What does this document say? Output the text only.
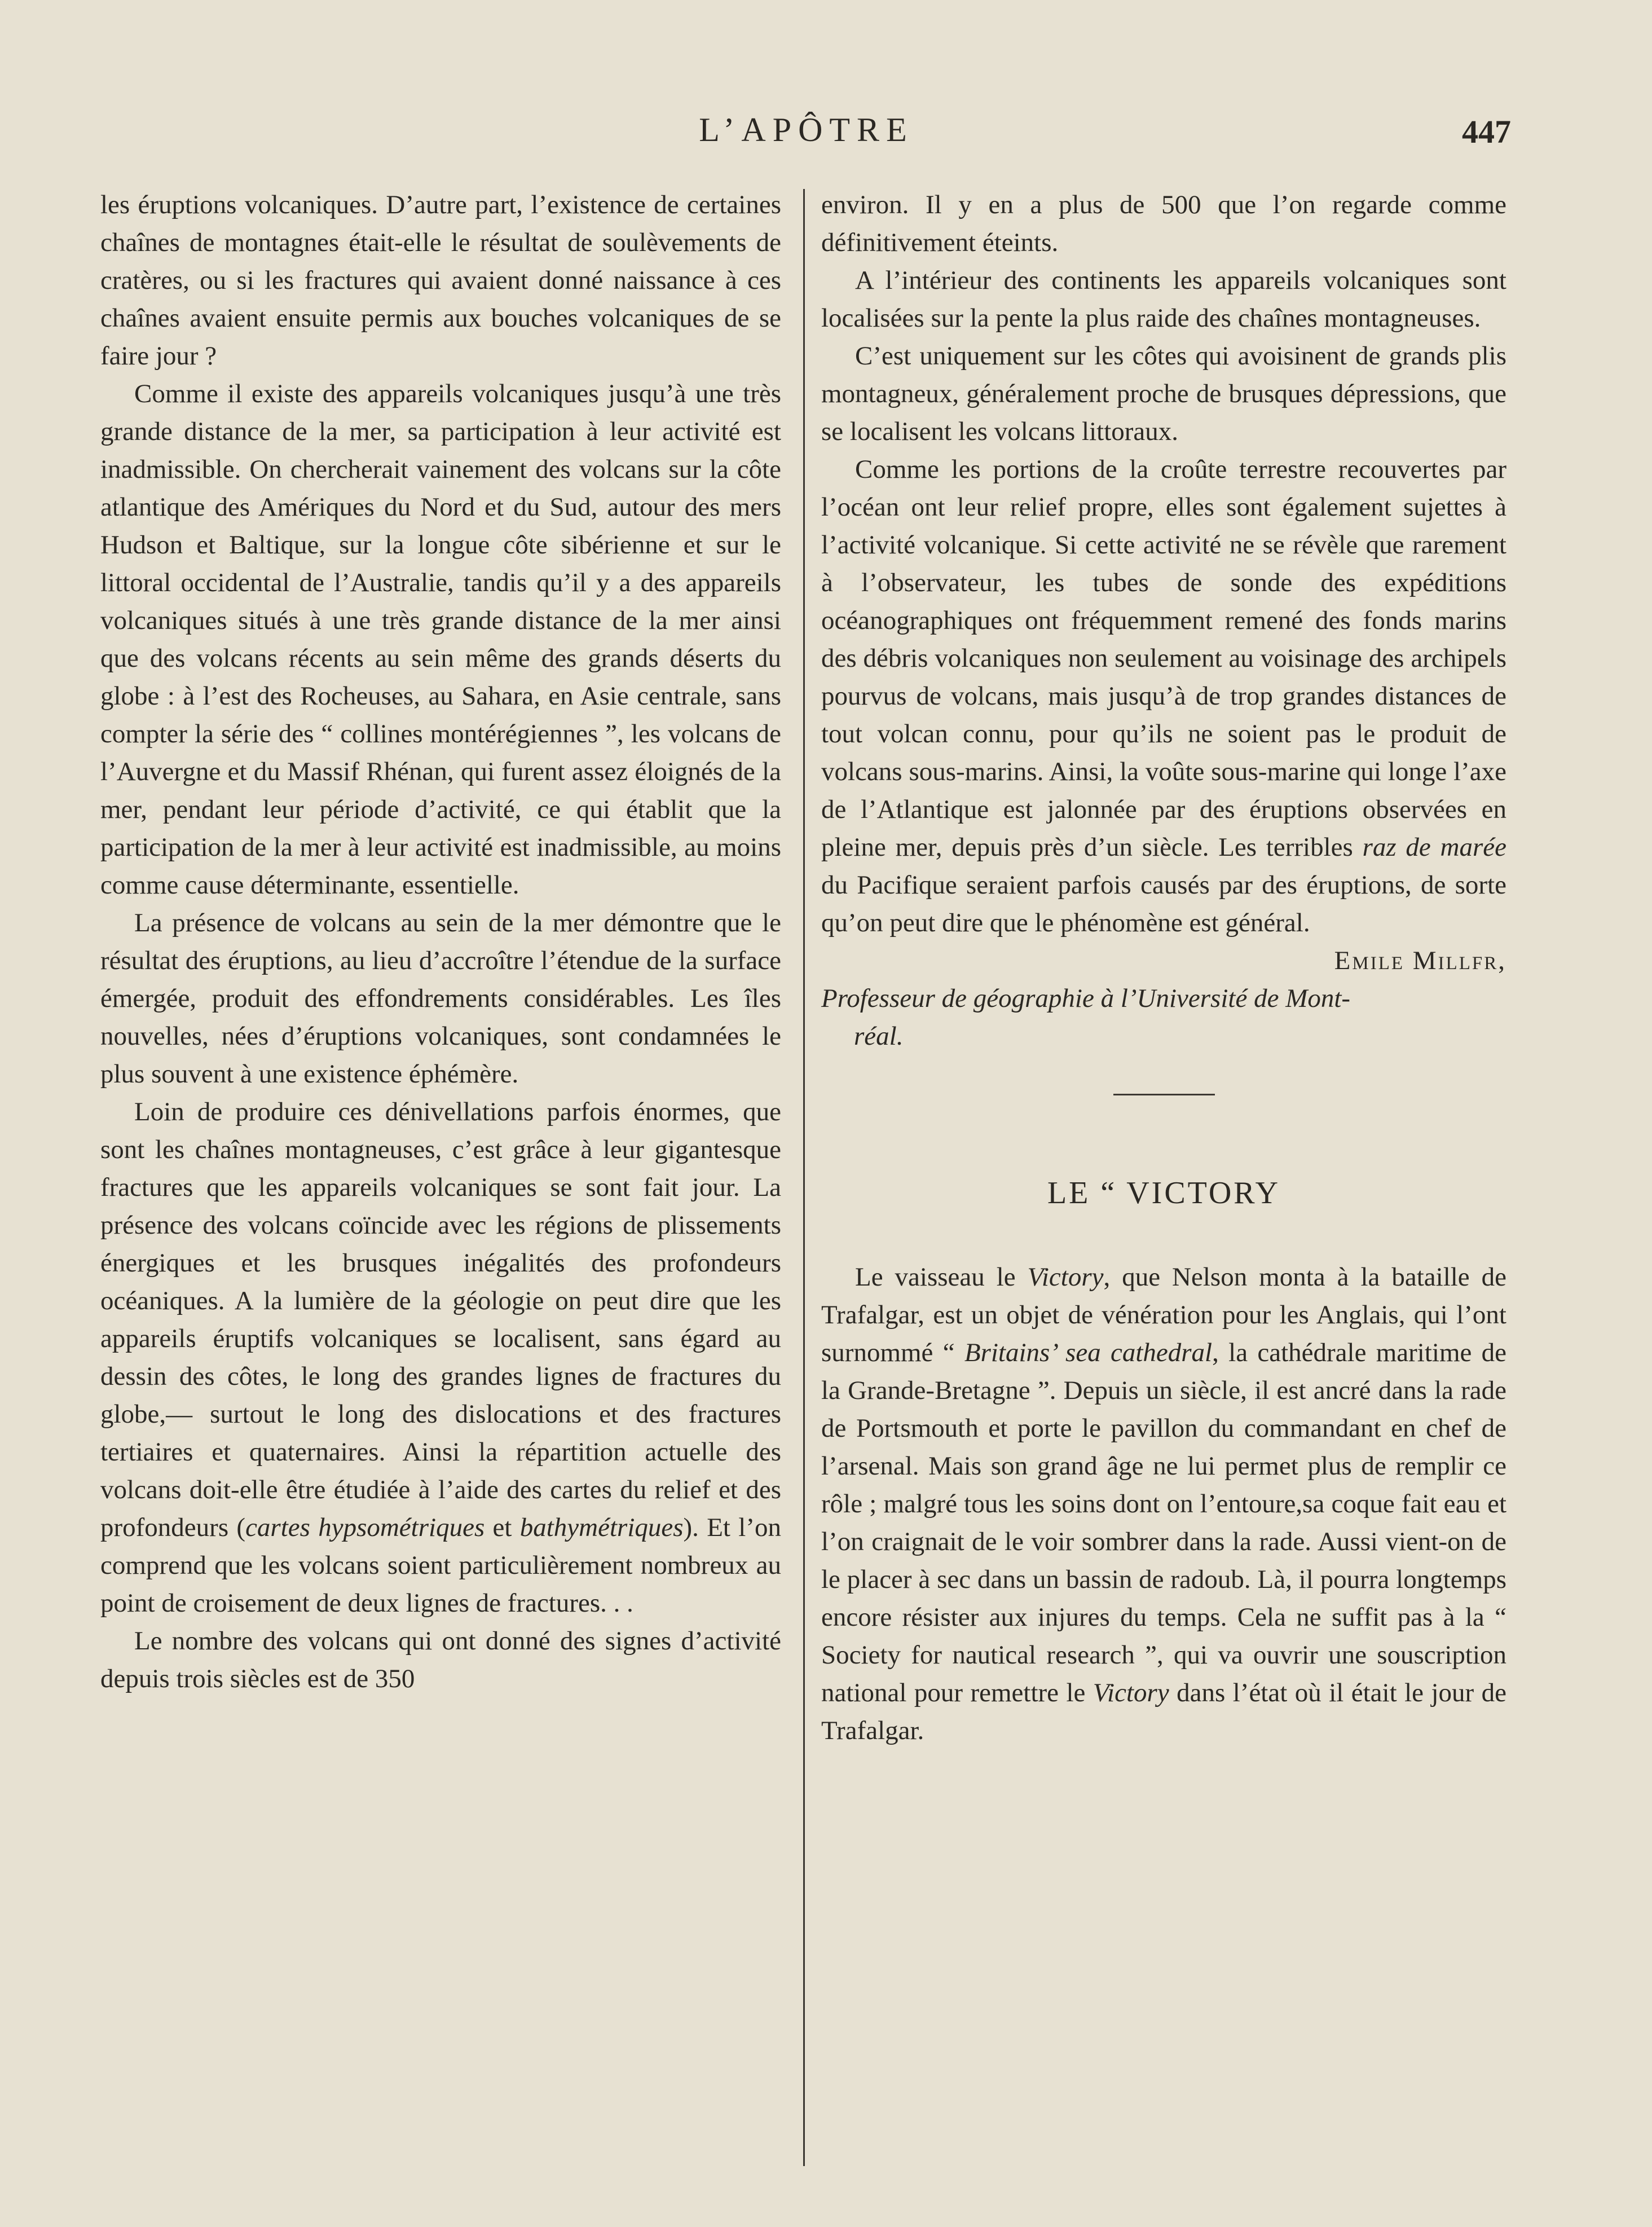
L’APÔTRE	447

les éruptions volcaniques. D’autre part, l’existence de certaines chaînes de montagnes était-elle le résultat de soulèvements de cratères, ou si les fractures qui avaient donné naissance à ces chaînes avaient ensuite permis aux bouches volcaniques de se faire jour ?

Comme il existe des appareils volcaniques jusqu’à une très grande distance de la mer, sa participation à leur activité est inadmissible. On chercherait vainement des volcans sur la côte atlantique des Amériques du Nord et du Sud, autour des mers Hudson et Baltique, sur la longue côte sibérienne et sur le littoral occidental de l’Australie, tandis qu’il y a des appareils volcaniques situés à une très grande distance de la mer ainsi que des volcans récents au sein même des grands déserts du globe : à l’est des Rocheuses, au Sahara, en Asie centrale, sans compter la série des “ collines montérégiennes ”, les volcans de l’Auvergne et du Massif Rhénan, qui furent assez éloignés de la mer, pendant leur période d’activité, ce qui établit que la participation de la mer à leur activité est inadmissible, au moins comme cause déterminante, essentielle.

La présence de volcans au sein de la mer démontre que le résultat des éruptions, au lieu d’accroître l’étendue de la surface émergée, produit des effondrements considérables. Les îles nouvelles, nées d’éruptions volcaniques, sont condamnées le plus souvent à une existence éphémère.

Loin de produire ces dénivellations parfois énormes, que sont les chaînes montagneuses, c’est grâce à leur gigantesque fractures que les appareils volcaniques se sont fait jour. La présence des volcans coïncide avec les régions de plissements énergiques et les brusques inégalités des profondeurs océaniques. A la lumière de la géologie on peut dire que les appareils éruptifs volcaniques se localisent, sans égard au dessin des côtes, le long des grandes lignes de fractures du globe,— surtout le long des dislocations et des fractures tertiaires et quaternaires. Ainsi la répartition actuelle des volcans doit-elle être étudiée à l’aide des cartes du relief et des profondeurs (cartes hypsométriques et bathymétriques). Et l’on comprend que les volcans soient particulièrement nombreux au point de croisement de deux lignes de fractures. . .

Le nombre des volcans qui ont donné des signes d’activité depuis trois siècles est de 350

environ. Il y en a plus de 500 que l’on regarde comme définitivement éteints.

A l’intérieur des continents les appareils volcaniques sont localisées sur la pente la plus raide des chaînes montagneuses.

C’est uniquement sur les côtes qui avoisinent de grands plis montagneux, généralement proche de brusques dépressions, que se localisent les volcans littoraux.

Comme les portions de la croûte terrestre recouvertes par l’océan ont leur relief propre, elles sont également sujettes à l’activité volcanique. Si cette activité ne se révèle que rarement à l’observateur, les tubes de sonde des expéditions océanographiques ont fréquemment remené des fonds marins des débris volcaniques non seulement au voisinage des archipels pourvus de volcans, mais jusqu’à de trop grandes distances de tout volcan connu, pour qu’ils ne soient pas le produit de volcans sous-marins. Ainsi, la voûte sous-marine qui longe l’axe de l’Atlantique est jalonnée par des éruptions observées en pleine mer, depuis près d’un siècle. Les terribles raz de marée du Pacifique seraient parfois causés par des éruptions, de sorte qu’on peut dire que le phénomène est général.

Emile Millfr,

Professeur de géographie à l’Université de Mont-
réal.

LE “ VICTORY

Le vaisseau le Victory, que Nelson monta à la bataille de Trafalgar, est un objet de vénération pour les Anglais, qui l’ont surnommé “ Britains’ sea cathedral, la cathédrale maritime de la Grande-Bretagne ”. Depuis un siècle, il est ancré dans la rade de Portsmouth et porte le pavillon du commandant en chef de l’arsenal. Mais son grand âge ne lui permet plus de remplir ce rôle ; malgré tous les soins dont on l’entoure,sa coque fait eau et l’on craignait de le voir sombrer dans la rade. Aussi vient-on de le placer à sec dans un bassin de radoub. Là, il pourra longtemps encore résister aux injures du temps. Cela ne suffit pas à la “ Society for nautical research ”, qui va ouvrir une souscription national pour remettre le Victory dans l’état où il était le jour de Trafalgar.
